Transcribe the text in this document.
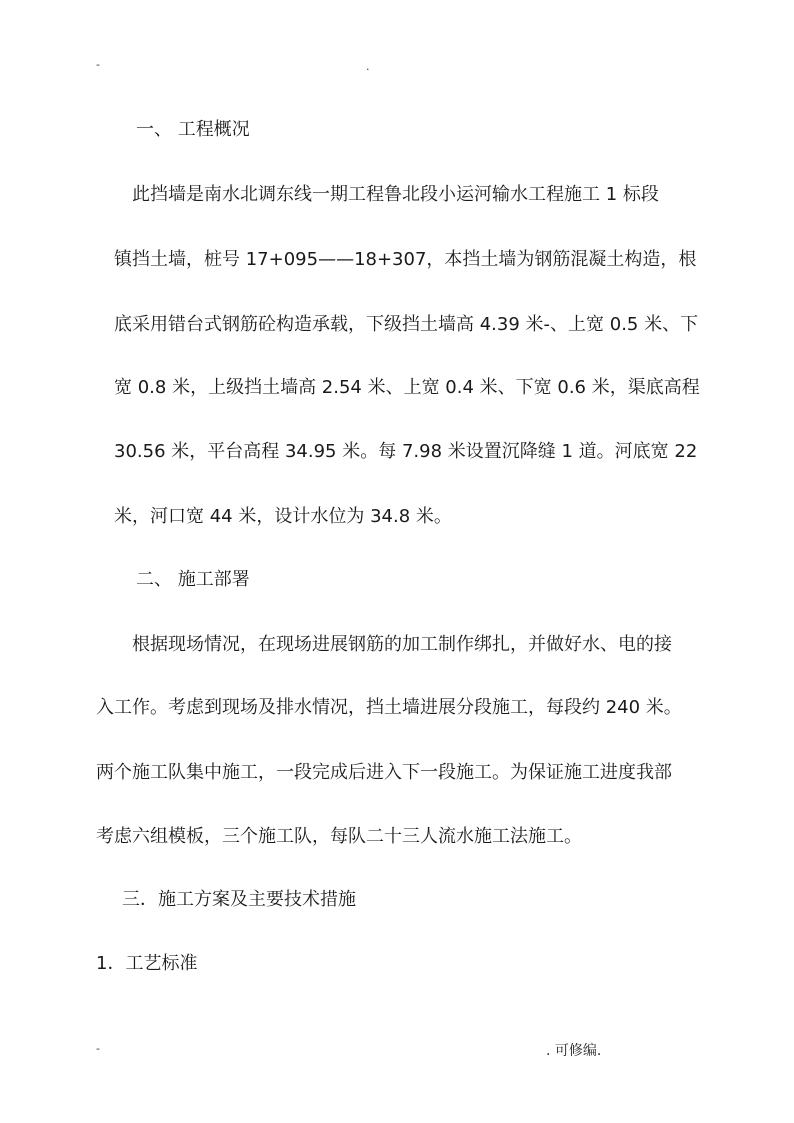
-	.
一、 工程概况
此挡墙是南水北调东线一期工程鲁北段小运河输水工程施工 1 标段
镇挡土墙，桩号 17+095——18+307，本挡土墙为钢筋混凝土构造，根
底采用错台式钢筋砼构造承载，下级挡土墙高 4.39 米-、上宽 0.5 米、下
宽 0.8 米，上级挡土墙高 2.54 米、上宽 0.4 米、下宽 0.6 米，渠底高程
30.56 米，平台高程 34.95 米。每 7.98 米设置沉降缝 1 道。河底宽 22
米，河口宽 44 米，设计水位为 34.8 米。
二、 施工部署
根据现场情况，在现场进展钢筋的加工制作绑扎，并做好水、电的接
入工作。考虑到现场及排水情况，挡土墙进展分段施工，每段约 240 米。
两个施工队集中施工，一段完成后进入下一段施工。为保证施工进度我部
考虑六组模板，三个施工队，每队二十三人流水施工法施工。
三．施工方案及主要技术措施
1．工艺标准
-	. 可修编.
